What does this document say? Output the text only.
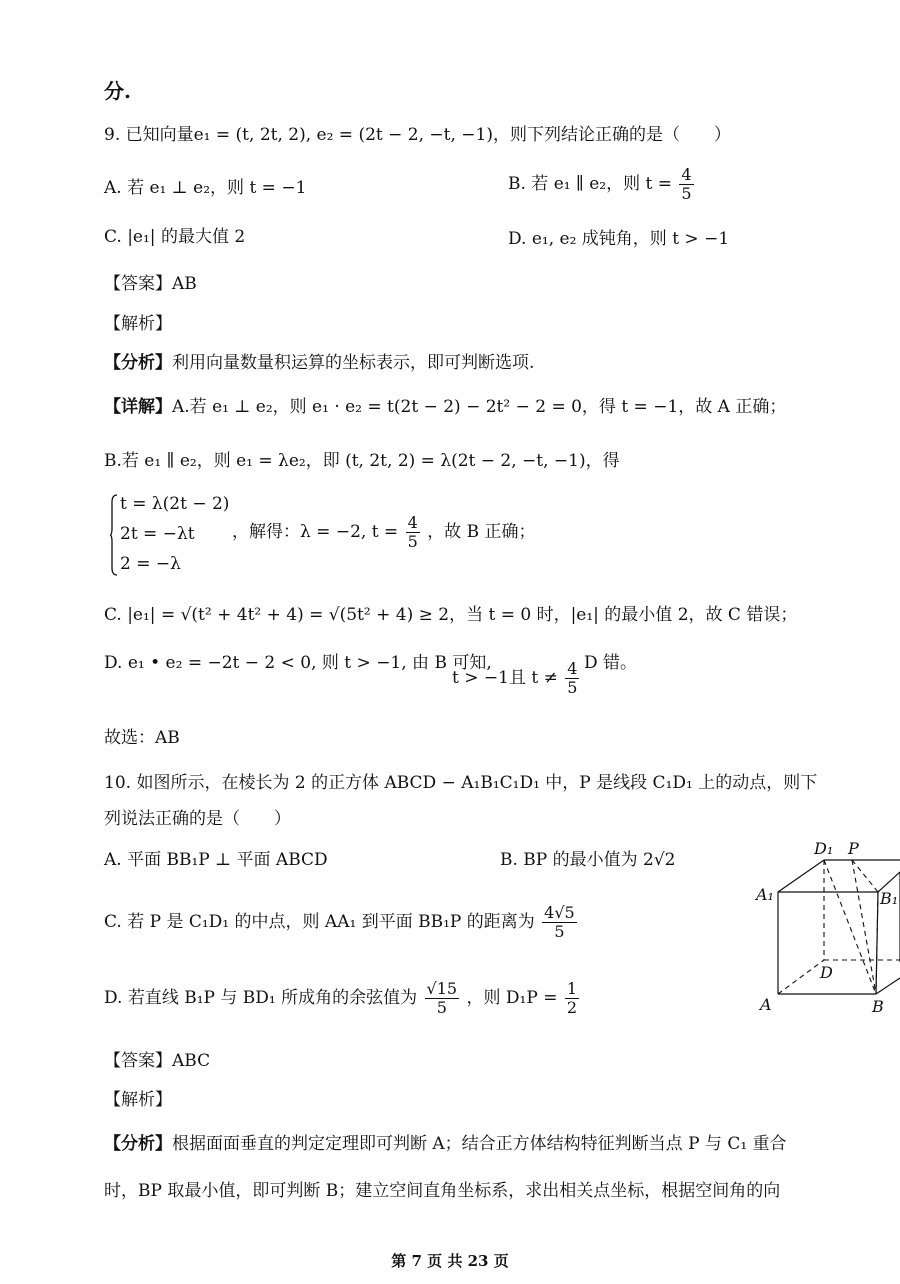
分.
9. 已知向量e₁ = (t, 2t, 2), e₂ = (2t − 2, −t, −1)，则下列结论正确的是（　　）
A. 若 e₁ ⊥ e₂，则 t = −1	B. 若 e₁ ∥ e₂，则 $t = \frac{4}{5}$
C. |e₁| 的最大值 2	D. e₁, e₂ 成钝角，则 t > −1
【答案】AB
【解析】
【分析】利用向量数量积运算的坐标表示，即可判断选项.
【详解】A.若 e₁ ⊥ e₂，则 e₁ · e₂ = t(2t − 2) − 2t² − 2 = 0，得 t = −1，故 A 正确；
B.若 e₁ ∥ e₂，则 e₁ = λe₂，即 (t, 2t, 2) = λ(2t − 2, −t, −1)，得
t = λ(2t − 2)
2t = −λt
2 = −λ
，解得：λ = −2, $t = \frac{4}{5}$ ，故 B 正确；
C. |e₁| = √(t² + 4t² + 4) = √(5t² + 4) ≥ 2，当 t = 0 时，|e₁| 的最小值 2，故 C 错误；
D. e₁ • e₂ = −2t − 2 < 0, 则 t > −1, 由 B 可知,
t > −1且 $t \ne \frac{4}{5}$ D 错。
故选：AB
10. 如图所示，在棱长为 2 的正方体 ABCD − A₁B₁C₁D₁ 中，P 是线段 C₁D₁ 上的动点，则下
列说法正确的是（　　）
A. 平面 BB₁P ⊥ 平面 ABCD	B. BP 的最小值为 2√2
C. 若 P 是 C₁D₁ 的中点，则 AA₁ 到平面 BB₁P 的距离为 $\frac{4√5}{5}$
D. 若直线 B₁P 与 BD₁ 所成角的余弦值为 $\frac{√15}{5}$ ，则 $D_1P = \frac{1}{2}$
D₁ P
A₁	B₁
D
A	B
【答案】ABC
【解析】
【分析】根据面面垂直的判定定理即可判断 A；结合正方体结构特征判断当点 P 与 C₁ 重合
时，BP 取最小值，即可判断 B；建立空间直角坐标系，求出相关点坐标，根据空间角的向
第 7 页 共 23 页
